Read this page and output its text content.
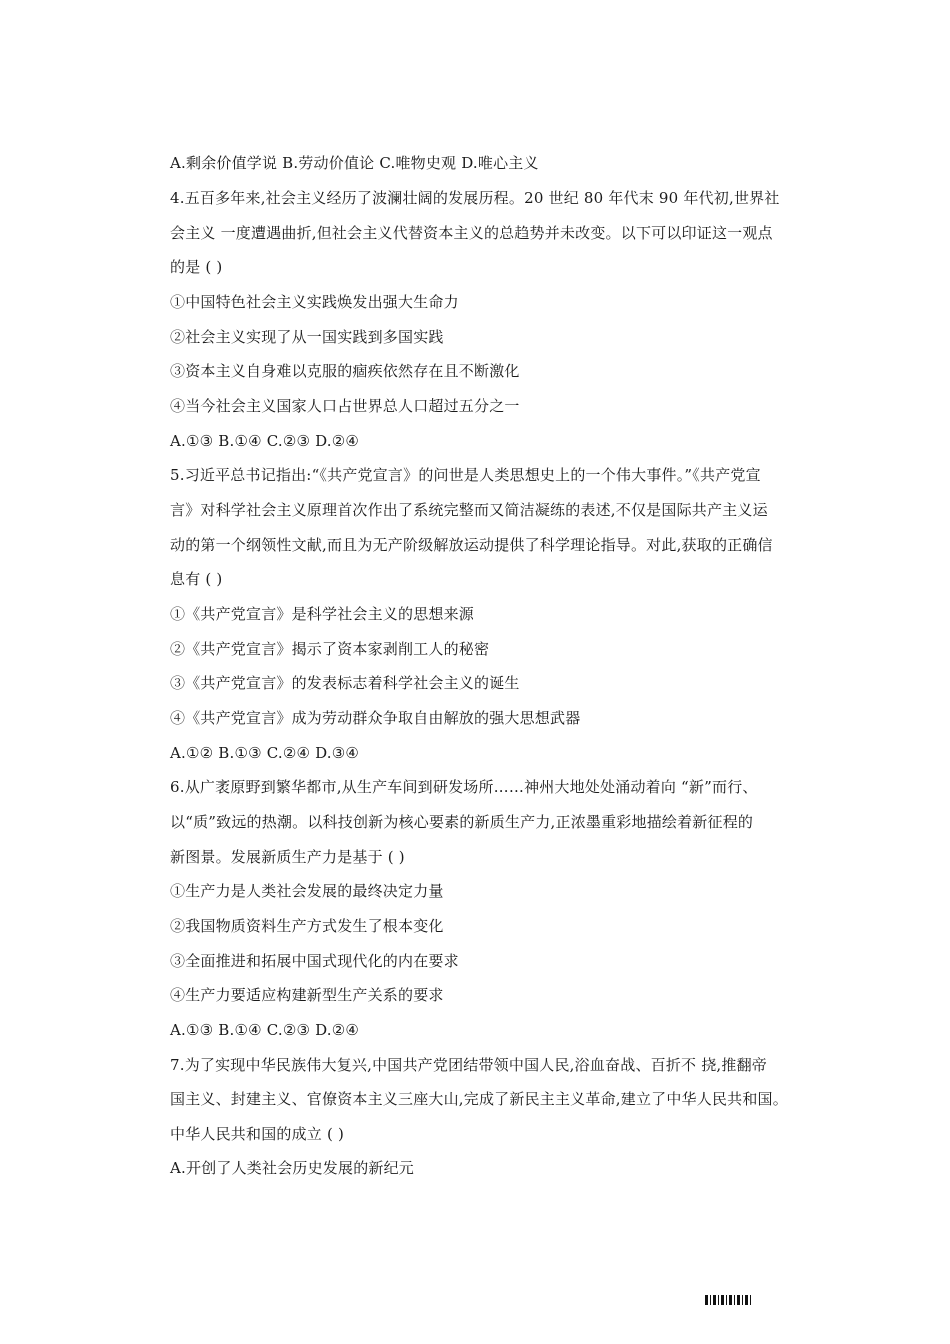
A.剩余价值学说 B.劳动价值论 C.唯物史观 D.唯心主义
4.五百多年来,社会主义经历了波澜壮阔的发展历程。20 世纪 80 年代末 90 年代初,世界社
会主义 一度遭遇曲折,但社会主义代替资本主义的总趋势并未改变。以下可以印证这一观点
的是 ( )
①中国特色社会主义实践焕发出强大生命力
②社会主义实现了从一国实践到多国实践
③资本主义自身难以克服的痼疾依然存在且不断激化
④当今社会主义国家人口占世界总人口超过五分之一
A.①③ B.①④ C.②③ D.②④
5.习近平总书记指出:“《共产党宣言》的问世是人类思想史上的一个伟大事件。”《共产党宣
言》对科学社会主义原理首次作出了系统完整而又简洁凝练的表述,不仅是国际共产主义运
动的第一个纲领性文献,而且为无产阶级解放运动提供了科学理论指导。对此,获取的正确信
息有 ( )
①《共产党宣言》是科学社会主义的思想来源
②《共产党宣言》揭示了资本家剥削工人的秘密
③《共产党宣言》的发表标志着科学社会主义的诞生
④《共产党宣言》成为劳动群众争取自由解放的强大思想武器
A.①② B.①③ C.②④ D.③④
6.从广袤原野到繁华都市,从生产车间到研发场所……神州大地处处涌动着向 “新”而行、
以“质”致远的热潮。以科技创新为核心要素的新质生产力,正浓墨重彩地描绘着新征程的
新图景。发展新质生产力是基于 ( )
①生产力是人类社会发展的最终决定力量
②我国物质资料生产方式发生了根本变化
③全面推进和拓展中国式现代化的内在要求
④生产力要适应构建新型生产关系的要求
A.①③ B.①④ C.②③ D.②④
7.为了实现中华民族伟大复兴,中国共产党团结带领中国人民,浴血奋战、百折不 挠,推翻帝
国主义、封建主义、官僚资本主义三座大山,完成了新民主主义革命,建立了中华人民共和国。
中华人民共和国的成立 ( )
A.开创了人类社会历史发展的新纪元
